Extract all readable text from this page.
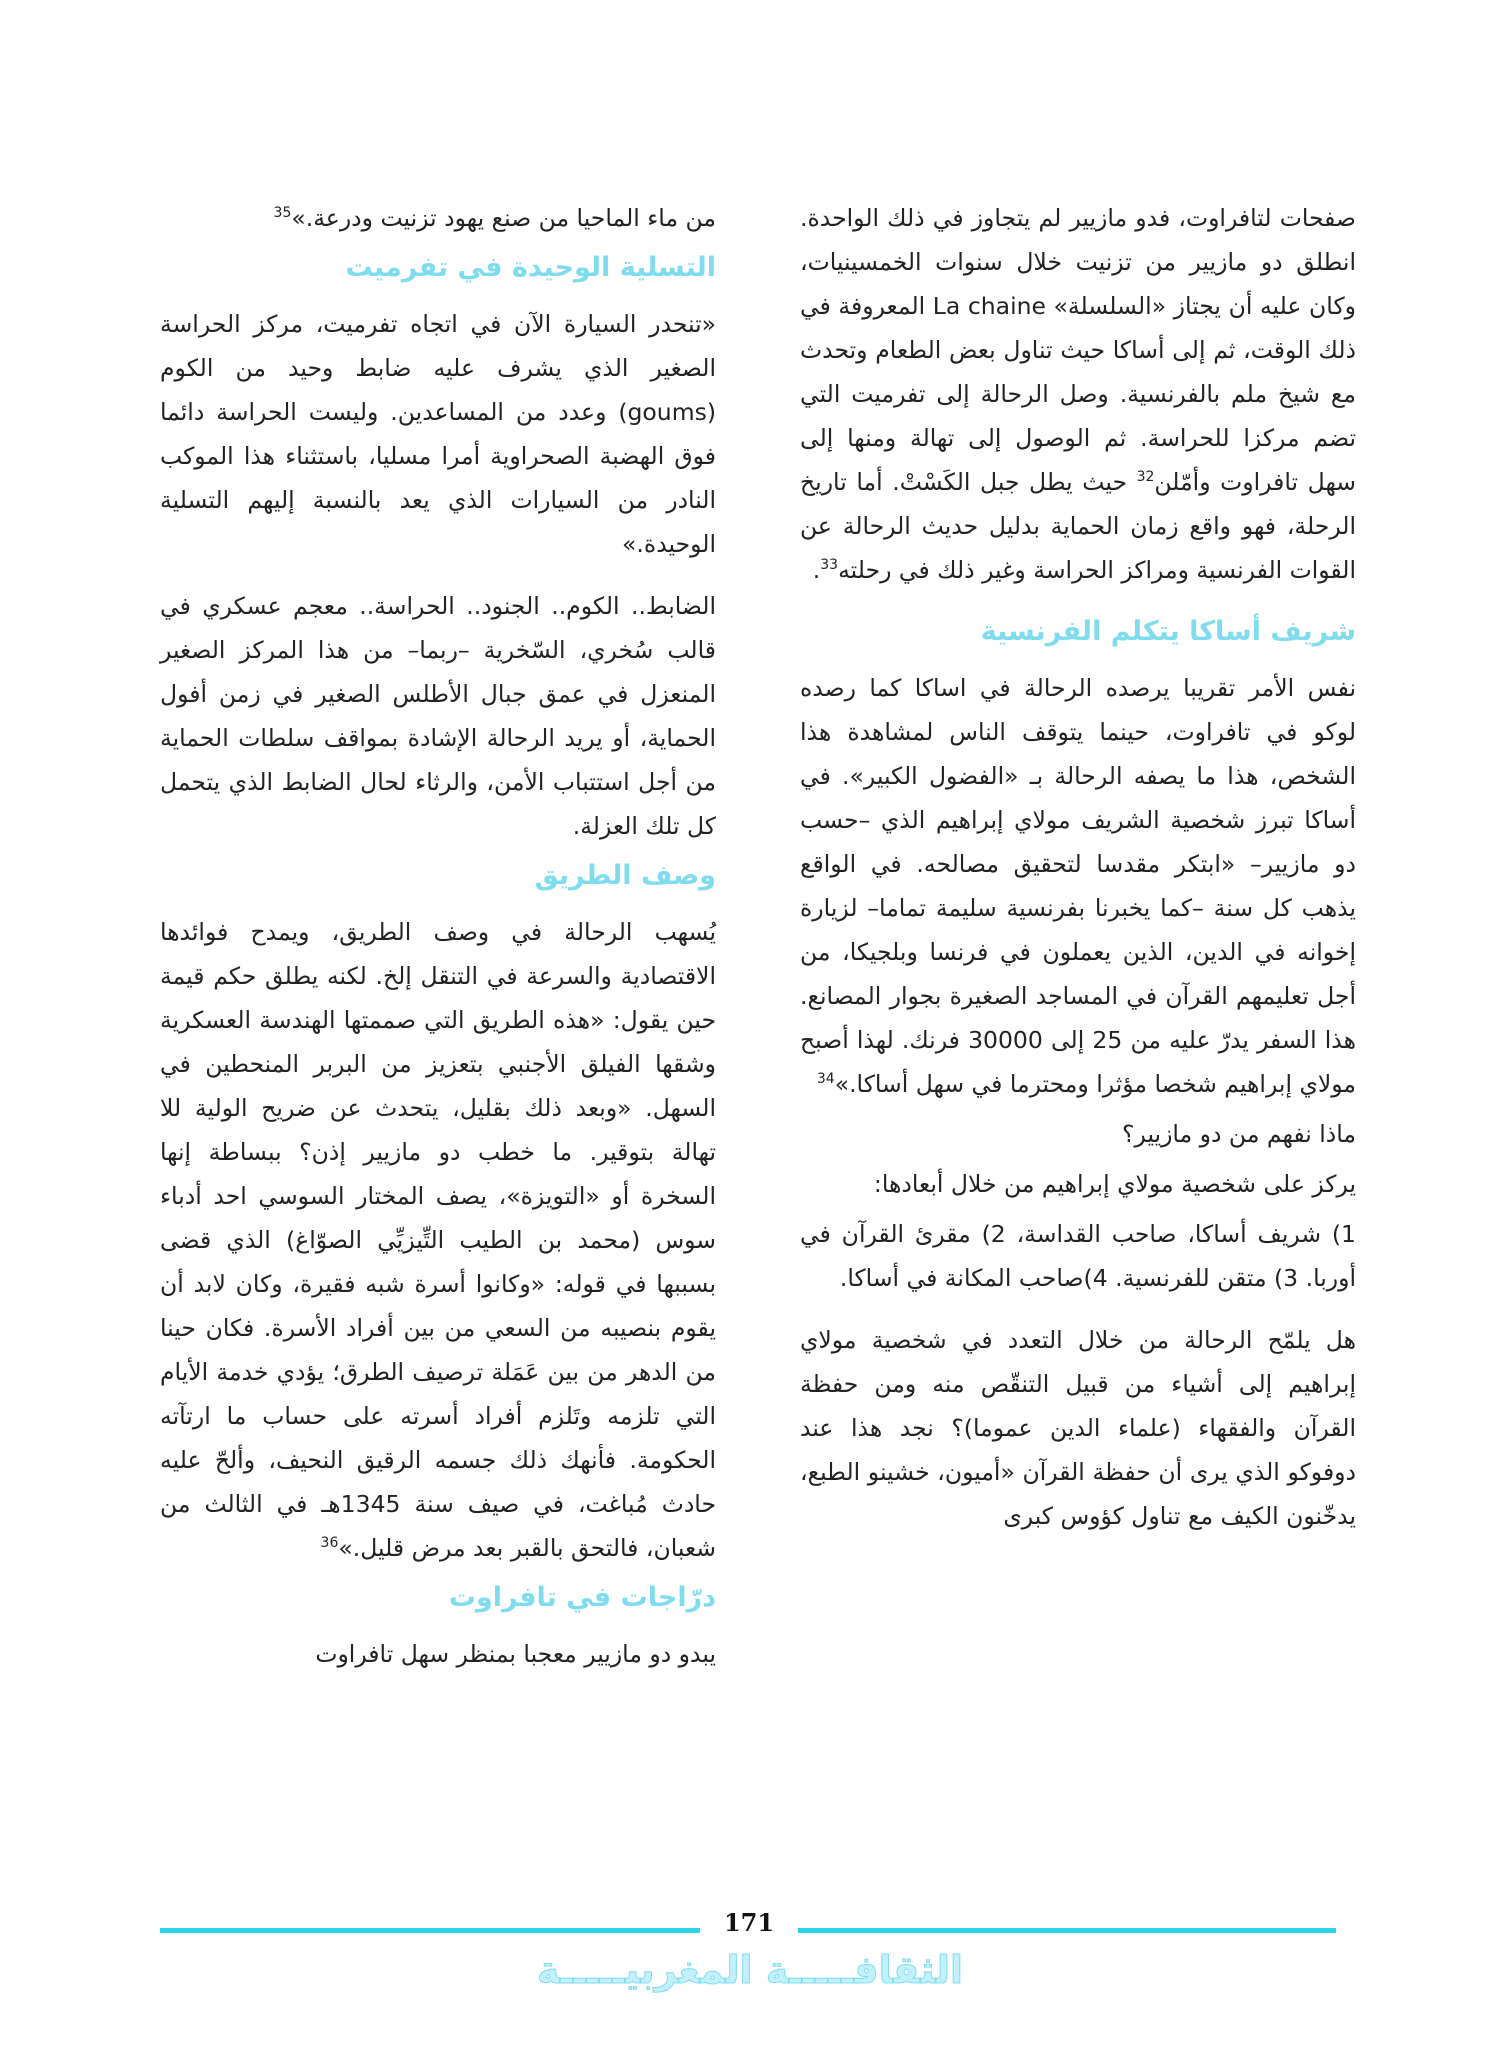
صفحات لتافراوت، فدو مازيير لم يتجاوز في ذلك الواحدة. انطلق دو مازيير من تزنيت خلال سنوات الخمسينيات، وكان عليه أن يجتاز «السلسلة» La chaine المعروفة في ذلك الوقت، ثم إلى أساكا حيث تناول بعض الطعام وتحدث مع شيخ ملم بالفرنسية. وصل الرحالة إلى تفرميت التي تضم مركزا للحراسة. ثم الوصول إلى تهالة ومنها إلى سهل تافراوت وأمّلن$^{32}$ حيث يطل جبل الكَسْتْ. أما تاريخ الرحلة، فهو واقع زمان الحماية بدليل حديث الرحالة عن القوات الفرنسية ومراكز الحراسة وغير ذلك في رحلته$^{33}$.

شريف أساكا يتكلم الفرنسية

نفس الأمر تقريبا يرصده الرحالة في اساكا كما رصده لوكو في تافراوت، حينما يتوقف الناس لمشاهدة هذا الشخص، هذا ما يصفه الرحالة بـ «الفضول الكبير». في أساكا تبرز شخصية الشريف مولاي إبراهيم الذي –حسب دو مازيير– «ابتكر مقدسا لتحقيق مصالحه. في الواقع يذهب كل سنة –كما يخبرنا بفرنسية سليمة تماما– لزيارة إخوانه في الدين، الذين يعملون في فرنسا وبلجيكا، من أجل تعليمهم القرآن في المساجد الصغيرة بجوار المصانع. هذا السفر يدرّ عليه من 25 إلى 30000 فرنك. لهذا أصبح مولاي إبراهيم شخصا مؤثرا ومحترما في سهل أساكا.»$^{34}$

ماذا نفهم من دو مازيير؟

يركز على شخصية مولاي إبراهيم من خلال أبعادها:

1) شريف أساكا، صاحب القداسة، 2) مقرئ القرآن في أوربا. 3) متقن للفرنسية. 4)صاحب المكانة في أساكا.

هل يلمّح الرحالة من خلال التعدد في شخصية مولاي إبراهيم إلى أشياء من قبيل التنقّص منه ومن حفظة القرآن والفقهاء (علماء الدين عموما)؟ نجد هذا عند دوفوكو الذي يرى أن حفظة القرآن «أميون، خشينو الطبع، يدخّنون الكيف مع تناول كؤوس كبرى

من ماء الماحيا من صنع يهود تزنيت ودرعة.»$^{35}$

التسلية الوحيدة في تفرميت

«تنحدر السيارة الآن في اتجاه تفرميت، مركز الحراسة الصغير الذي يشرف عليه ضابط وحيد من الكوم (goums) وعدد من المساعدين. وليست الحراسة دائما فوق الهضبة الصحراوية أمرا مسليا، باستثناء هذا الموكب النادر من السيارات الذي يعد بالنسبة إليهم التسلية الوحيدة.»

الضابط.. الكوم.. الجنود.. الحراسة.. معجم عسكري في قالب سُخري، السّخرية –ربما– من هذا المركز الصغير المنعزل في عمق جبال الأطلس الصغير في زمن أفول الحماية، أو يريد الرحالة الإشادة بمواقف سلطات الحماية من أجل استتباب الأمن، والرثاء لحال الضابط الذي يتحمل كل تلك العزلة.

وصف الطريق

يُسهب الرحالة في وصف الطريق، ويمدح فوائدها الاقتصادية والسرعة في التنقل إلخ. لكنه يطلق حكم قيمة حين يقول: «هذه الطريق التي صممتها الهندسة العسكرية وشقها الفيلق الأجنبي بتعزيز من البربر المنحطين في السهل. «وبعد ذلك بقليل، يتحدث عن ضريح الولية للا تهالة بتوقير. ما خطب دو مازيير إذن؟ ببساطة إنها السخرة أو «التويزة»، يصف المختار السوسي احد أدباء سوس (محمد بن الطيب التِّيزيِّي الصوّاغ) الذي قضى بسببها في قوله: «وكانوا أسرة شبه فقيرة، وكان لابد أن يقوم بنصيبه من السعي من بين أفراد الأسرة. فكان حينا من الدهر من بين عَمَلة ترصيف الطرق؛ يؤدي خدمة الأيام التي تلزمه وتَلزم أفراد أسرته على حساب ما ارتآته الحكومة. فأنهك ذلك جسمه الرقيق النحيف، وألحّ عليه حادث مُباغت، في صيف سنة 1345هـ في الثالث من شعبان، فالتحق بالقبر بعد مرض قليل.»$^{36}$

درّاجات في تافراوت

يبدو دو مازيير معجبا بمنظر سهل تافراوت

171
الثقافـــــة المغربيـــــة
